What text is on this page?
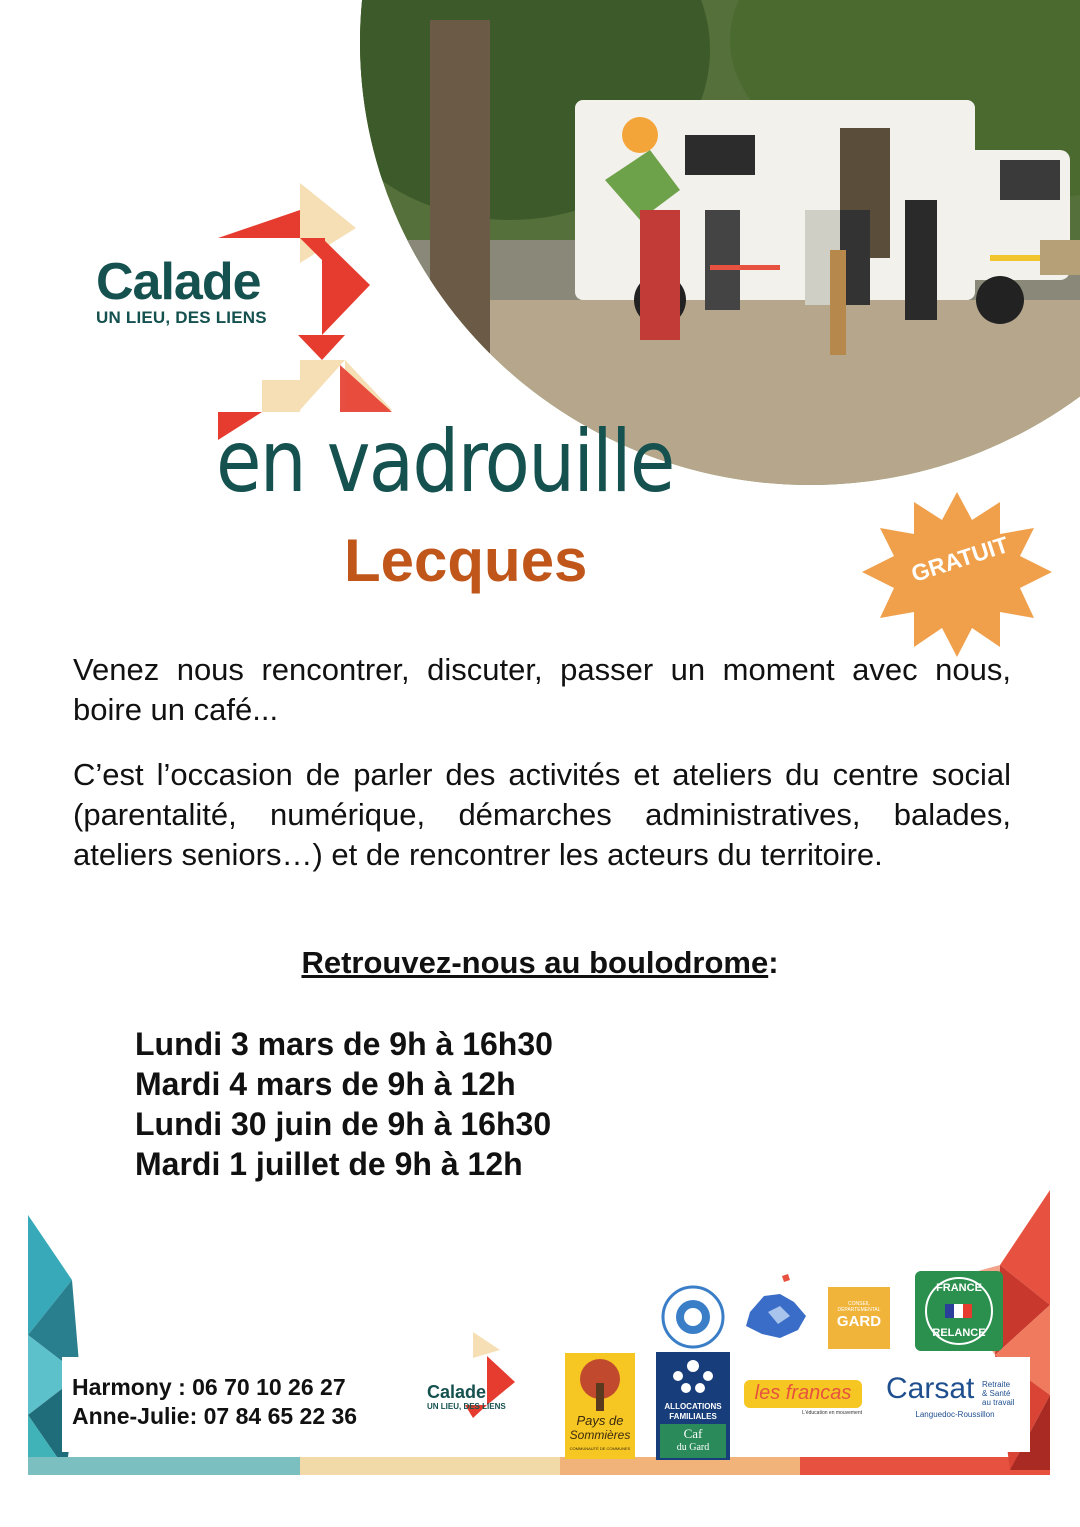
Calade
UN LIEU, DES LIENS
en vadrouille
Lecques	GRATUIT
Venez nous rencontrer, discuter, passer un moment avec nous, boire un café...
C’est l’occasion de parler des activités et ateliers du centre social (parentalité, numérique, démarches administratives, balades, ateliers seniors…) et de rencontrer les acteurs du territoire.
Retrouvez-nous au boulodrome:
Lundi 3 mars de 9h à 16h30
Mardi 4 mars de 9h à 12h
Lundi 30 juin de 9h à 16h30
Mardi 1 juillet de 9h à 12h
Harmony : 06 70 10 26 27
Anne-Julie: 07 84 65 22 36
Calade
UN LIEU, DES LIENS
Pays de
Sommières
COMMUNAUTÉ DE COMMUNES
ALLOCATIONS
FAMILIALES
Caf
du Gard
CONSEIL DÉPARTEMENTAL
GARD
FRANCE
RELANCE
les francas
L'éducation en mouvement
Carsat Retraite
& Santé
au travail
Languedoc-Roussillon
